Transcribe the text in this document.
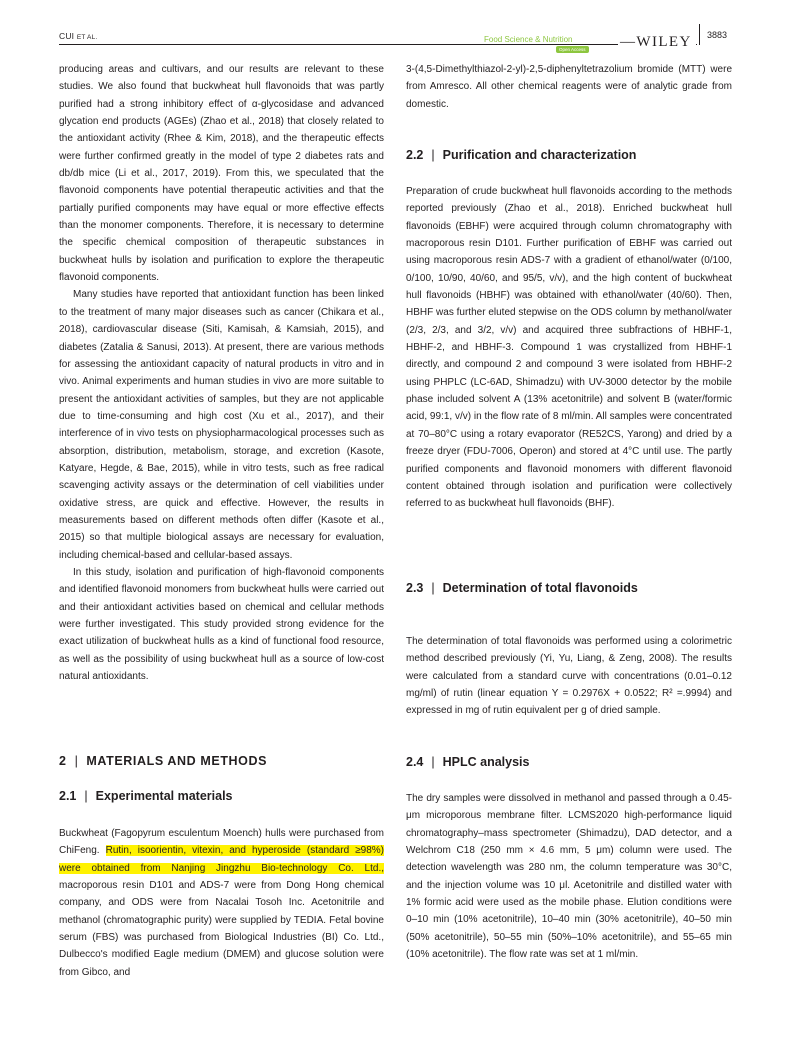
CUI ET AL.	Food Science & Nutrition
Open Access —WILEY	3883

producing areas and cultivars, and our results are relevant to these studies. We also found that buckwheat hull flavonoids that was partly purified had a strong inhibitory effect of α-glycosidase and advanced glycation end products (AGEs) (Zhao et al., 2018) that closely related to the antioxidant activity (Rhee & Kim, 2018), and the therapeutic effects were further confirmed greatly in the model of type 2 diabetes rats and db/db mice (Li et al., 2017, 2019). From this, we speculated that the flavonoid components have potential therapeutic activities and that the partially purified components may have equal or more effective effects than the monomer components. Therefore, it is necessary to determine the specific chemical composition of therapeutic substances in buckwheat hulls by isolation and purification to explore the therapeutic flavonoid components.

Many studies have reported that antioxidant function has been linked to the treatment of many major diseases such as cancer (Chikara et al., 2018), cardiovascular disease (Siti, Kamisah, & Kamsiah, 2015), and diabetes (Zatalia & Sanusi, 2013). At present, there are various methods for assessing the antioxidant capacity of natural products in vitro and in vivo. Animal experiments and human studies in vivo are more suitable to present the antioxidant activities of samples, but they are not applicable due to time-consuming and high cost (Xu et al., 2017), and their interference of in vivo tests on physiopharmacological processes such as absorption, distribution, metabolism, storage, and excretion (Kasote, Katyare, Hegde, & Bae, 2015), while in vitro tests, such as free radical scavenging activity assays or the determination of cell viabilities under oxidative stress, are quick and effective. However, the results in measurements based on different methods often differ (Kasote et al., 2015) so that multiple biological assays are necessary for evaluation, including chemical-based and cellular-based assays.

In this study, isolation and purification of high-flavonoid components and identified flavonoid monomers from buckwheat hulls were carried out and their antioxidant activities based on chemical and cellular methods were further investigated. This study provided strong evidence for the exact utilization of buckwheat hulls as a kind of functional food resource, as well as the possibility of using buckwheat hull as a source of low-cost natural antioxidants.

2 | MATERIALS AND METHODS
2.1 | Experimental materials

Buckwheat (Fagopyrum esculentum Moench) hulls were purchased from ChiFeng. Rutin, isoorientin, vitexin, and hyperoside (standard ≥98%) were obtained from Nanjing Jingzhu Bio-technology Co. Ltd., macroporous resin D101 and ADS-7 were from Dong Hong chemical company, and ODS were from Nacalai Tosoh Inc. Acetonitrile and methanol (chromatographic purity) were supplied by TEDIA. Fetal bovine serum (FBS) was purchased from Biological Industries (BI) Co. Ltd., Dulbecco's modified Eagle medium (DMEM) and glucose solution were from Gibco, and

3-(4,5-Dimethylthiazol-2-yl)-2,5-diphenyltetrazolium bromide (MTT) were from Amresco. All other chemical reagents were of analytic grade from domestic.

2.2 | Purification and characterization

Preparation of crude buckwheat hull flavonoids according to the methods reported previously (Zhao et al., 2018). Enriched buckwheat hull flavonoids (EBHF) were acquired through column chromatography with macroporous resin D101. Further purification of EBHF was carried out using macroporous resin ADS-7 with a gradient of ethanol/water (0/100, 0/100, 10/90, 40/60, and 95/5, v/v), and the high content of buckwheat hull flavonoids (HBHF) was obtained with ethanol/water (40/60). Then, HBHF was further eluted stepwise on the ODS column by methanol/water (2/3, 2/3, and 3/2, v/v) and acquired three subfractions of HBHF-1, HBHF-2, and HBHF-3. Compound 1 was crystallized from HBHF-1 directly, and compound 2 and compound 3 were isolated from HBHF-2 using PHPLC (LC-6AD, Shimadzu) with UV-3000 detector by the mobile phase included solvent A (13% acetonitrile) and solvent B (water/formic acid, 99:1, v/v) in the flow rate of 8 ml/min. All samples were concentrated at 70–80°C using a rotary evaporator (RE52CS, Yarong) and dried by a freeze dryer (FDU-7006, Operon) and stored at 4°C until use. The partly purified components and flavonoid monomers with different flavonoid content obtained through isolation and purification were collectively referred to as buckwheat hull flavonoids (BHF).

2.3 | Determination of total flavonoids

The determination of total flavonoids was performed using a colorimetric method described previously (Yi, Yu, Liang, & Zeng, 2008). The results were calculated from a standard curve with concentrations (0.01–0.12 mg/ml) of rutin (linear equation Y = 0.2976X + 0.0522; R² =.9994) and expressed in mg of rutin equivalent per g of dried sample.

2.4 | HPLC analysis

The dry samples were dissolved in methanol and passed through a 0.45-μm microporous membrane filter. LCMS2020 high-performance liquid chromatography–mass spectrometer (Shimadzu), DAD detector, and a Welchrom C18 (250 mm × 4.6 mm, 5 μm) column were used. The detection wavelength was 280 nm, the column temperature was 30°C, and the injection volume was 10 μl. Acetonitrile and distilled water with 1% formic acid were used as the mobile phase. Elution conditions were 0–10 min (10% acetonitrile), 10–40 min (30% acetonitrile), 40–50 min (50% acetonitrile), 50–55 min (50%–10% acetonitrile), and 55–65 min (10% acetonitrile). The flow rate was set at 1 ml/min.
